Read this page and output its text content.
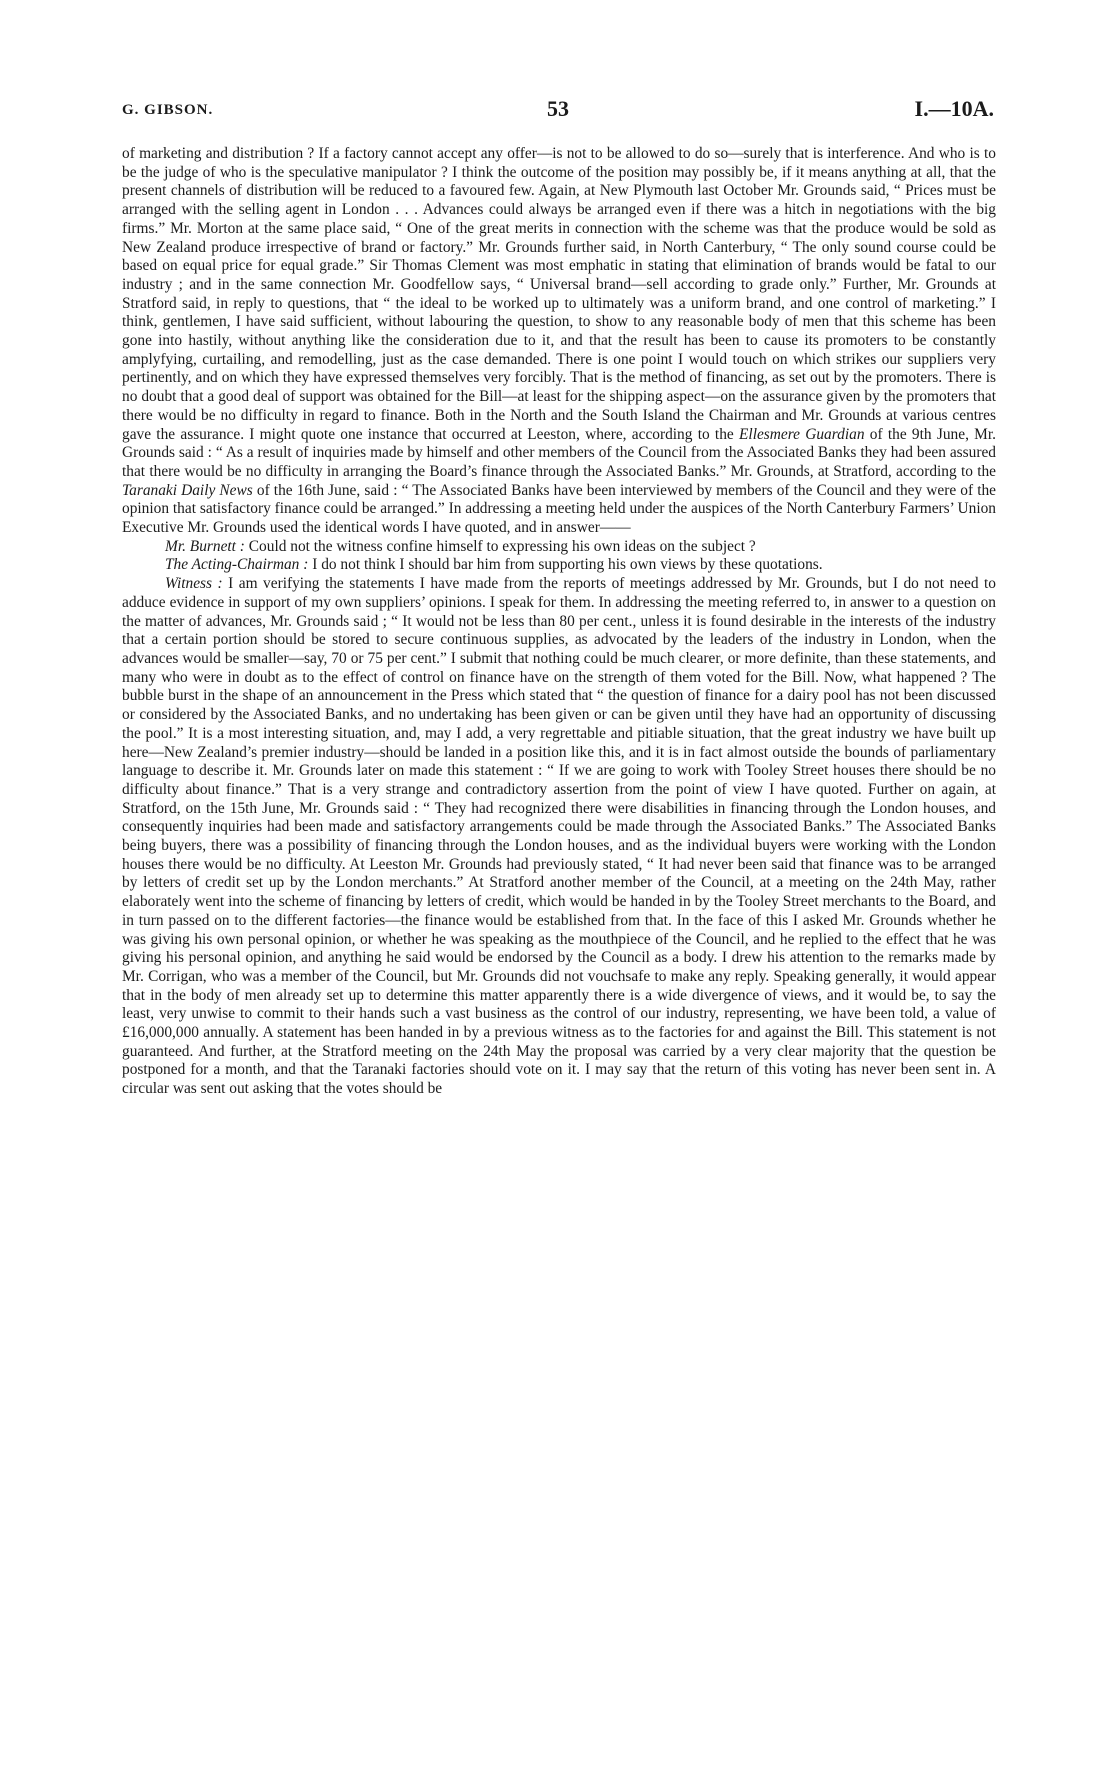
G. GIBSON.	53	I.—10A.

of marketing and distribution ? If a factory cannot accept any offer—is not to be allowed to do so—surely that is interference. And who is to be the judge of who is the speculative manipulator ? I think the outcome of the position may possibly be, if it means anything at all, that the present channels of distribution will be reduced to a favoured few. Again, at New Plymouth last October Mr. Grounds said, “ Prices must be arranged with the selling agent in London . . . Advances could always be arranged even if there was a hitch in negotiations with the big firms.” Mr. Morton at the same place said, “ One of the great merits in connection with the scheme was that the produce would be sold as New Zealand produce irrespective of brand or factory.” Mr. Grounds further said, in North Canterbury, “ The only sound course could be based on equal price for equal grade.” Sir Thomas Clement was most emphatic in stating that elimination of brands would be fatal to our industry ; and in the same connection Mr. Goodfellow says, “ Universal brand—sell according to grade only.” Further, Mr. Grounds at Stratford said, in reply to questions, that “ the ideal to be worked up to ultimately was a uniform brand, and one control of marketing.” I think, gentlemen, I have said sufficient, without labouring the question, to show to any reasonable body of men that this scheme has been gone into hastily, without anything like the consideration due to it, and that the result has been to cause its promoters to be constantly amplyfying, curtailing, and remodelling, just as the case demanded. There is one point I would touch on which strikes our suppliers very pertinently, and on which they have expressed themselves very forcibly. That is the method of financing, as set out by the promoters. There is no doubt that a good deal of support was obtained for the Bill—at least for the shipping aspect—on the assurance given by the promoters that there would be no difficulty in regard to finance. Both in the North and the South Island the Chairman and Mr. Grounds at various centres gave the assurance. I might quote one instance that occurred at Leeston, where, according to the Ellesmere Guardian of the 9th June, Mr. Grounds said : “ As a result of inquiries made by himself and other members of the Council from the Associated Banks they had been assured that there would be no difficulty in arranging the Board’s finance through the Associated Banks.” Mr. Grounds, at Stratford, according to the Taranaki Daily News of the 16th June, said : “ The Associated Banks have been interviewed by members of the Council and they were of the opinion that satisfactory finance could be arranged.” In addressing a meeting held under the auspices of the North Canterbury Farmers’ Union Executive Mr. Grounds used the identical words I have quoted, and in answer——

Mr. Burnett : Could not the witness confine himself to expressing his own ideas on the subject ?

The Acting-Chairman : I do not think I should bar him from supporting his own views by these quotations.

Witness : I am verifying the statements I have made from the reports of meetings addressed by Mr. Grounds, but I do not need to adduce evidence in support of my own suppliers’ opinions. I speak for them. In addressing the meeting referred to, in answer to a question on the matter of advances, Mr. Grounds said ; “ It would not be less than 80 per cent., unless it is found desirable in the interests of the industry that a certain portion should be stored to secure continuous supplies, as advocated by the leaders of the industry in London, when the advances would be smaller—say, 70 or 75 per cent.” I submit that nothing could be much clearer, or more definite, than these statements, and many who were in doubt as to the effect of control on finance have on the strength of them voted for the Bill. Now, what happened ? The bubble burst in the shape of an announcement in the Press which stated that “ the question of finance for a dairy pool has not been discussed or considered by the Associated Banks, and no undertaking has been given or can be given until they have had an opportunity of discussing the pool.” It is a most interesting situation, and, may I add, a very regrettable and pitiable situation, that the great industry we have built up here—New Zealand’s premier industry—should be landed in a position like this, and it is in fact almost outside the bounds of parliamentary language to describe it. Mr. Grounds later on made this statement : “ If we are going to work with Tooley Street houses there should be no difficulty about finance.” That is a very strange and contradictory assertion from the point of view I have quoted. Further on again, at Stratford, on the 15th June, Mr. Grounds said : “ They had recognized there were disabilities in financing through the London houses, and consequently inquiries had been made and satisfactory arrangements could be made through the Associated Banks.” The Associated Banks being buyers, there was a possibility of financing through the London houses, and as the individual buyers were working with the London houses there would be no difficulty. At Leeston Mr. Grounds had previously stated, “ It had never been said that finance was to be arranged by letters of credit set up by the London merchants.” At Stratford another member of the Council, at a meeting on the 24th May, rather elaborately went into the scheme of financing by letters of credit, which would be handed in by the Tooley Street merchants to the Board, and in turn passed on to the different factories—the finance would be established from that. In the face of this I asked Mr. Grounds whether he was giving his own personal opinion, or whether he was speaking as the mouthpiece of the Council, and he replied to the effect that he was giving his personal opinion, and anything he said would be endorsed by the Council as a body. I drew his attention to the remarks made by Mr. Corrigan, who was a member of the Council, but Mr. Grounds did not vouchsafe to make any reply. Speaking generally, it would appear that in the body of men already set up to determine this matter apparently there is a wide divergence of views, and it would be, to say the least, very unwise to commit to their hands such a vast business as the control of our industry, representing, we have been told, a value of £16,000,000 annually. A statement has been handed in by a previous witness as to the factories for and against the Bill. This statement is not guaranteed. And further, at the Stratford meeting on the 24th May the proposal was carried by a very clear majority that the question be postponed for a month, and that the Taranaki factories should vote on it. I may say that the return of this voting has never been sent in. A circular was sent out asking that the votes should be
